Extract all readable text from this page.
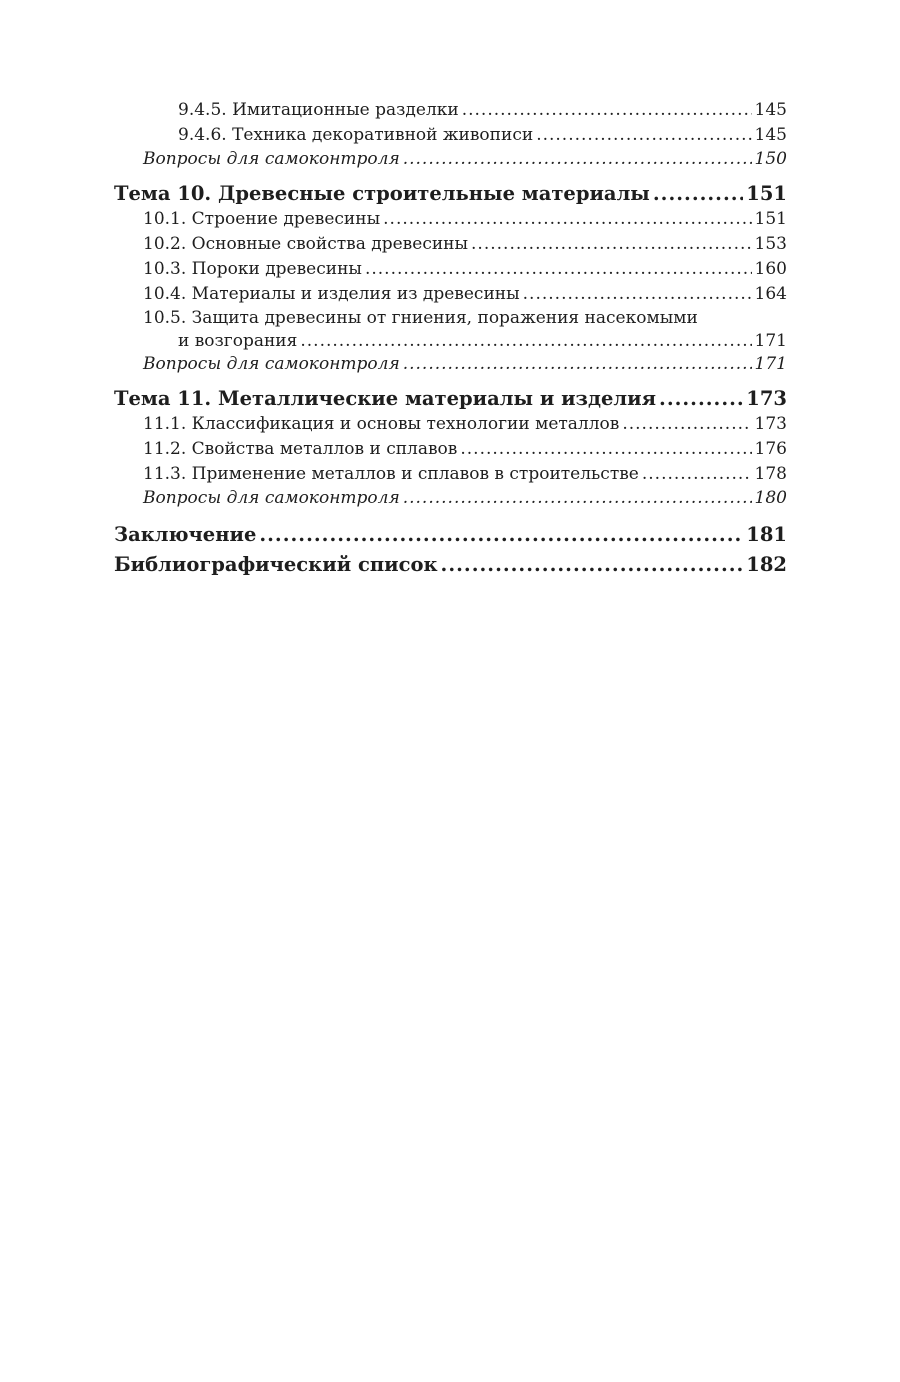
9.4.5. Имитационные разделки .....	145
9.4.6. Техника декоративной живописи .....	145
Вопросы для самоконтроля .....	150
Тема 10. Древесные строительные материалы .....	151
10.1. Строение древесины .....	151
10.2. Основные свойства древесины .....	153
10.3. Пороки древесины .....	160
10.4. Материалы и изделия из древесины .....	164
10.5. Защита древесины от гниения, поражения насекомыми
и возгорания .....	171
Вопросы для самоконтроля .....	171
Тема 11. Металлические материалы и изделия .....	173
11.1. Классификация и основы технологии металлов .....	173
11.2. Свойства металлов и сплавов .....	176
11.3. Применение металлов и сплавов в строительстве .....	178
Вопросы для самоконтроля .....	180
Заключение .....	181
Библиографический список .....	182
